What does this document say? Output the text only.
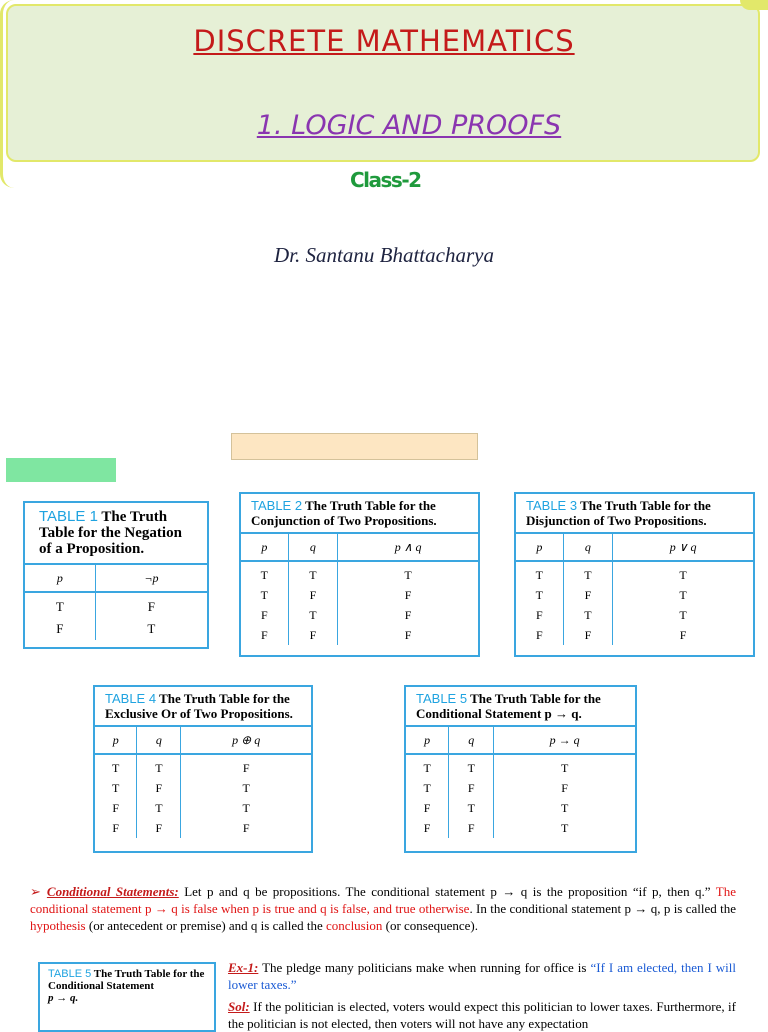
DISCRETE MATHEMATICS
1. LOGIC AND PROOFS
Class-2
Dr. Santanu Bhattacharya
TABLE 1 The Truth Table for the Negation of a Proposition.
p	¬p
T	F
F	T
TABLE 2 The Truth Table for the Conjunction of Two Propositions.
p	q	p ∧ q
T	T	T
T	F	F
F	T	F
F	F	F
TABLE 3 The Truth Table for the Disjunction of Two Propositions.
p	q	p ∨ q
T	T	T
T	F	T
F	T	T
F	F	F
TABLE 4 The Truth Table for the Exclusive Or of Two Propositions.
p	q	p ⊕ q
T	T	F
T	F	T
F	T	T
F	F	F
TABLE 5 The Truth Table for the Conditional Statement p → q.
p	q	p → q
T	T	T
T	F	F
F	T	T
F	F	T
➢ Conditional Statements: Let p and q be propositions. The conditional statement p → q is the proposition “if p, then q.” The conditional statement p → q is false when p is true and q is false, and true otherwise. In the conditional statement p → q, p is called the hypothesis (or antecedent or premise) and q is called the conclusion (or consequence).
TABLE 5 The Truth Table for the Conditional Statement
p → q.
Ex-1: The pledge many politicians make when running for office is “If I am elected, then I will lower taxes.”
Sol: If the politician is elected, voters would expect this politician to lower taxes. Furthermore, if the politician is not elected, then voters will not have any expectation
